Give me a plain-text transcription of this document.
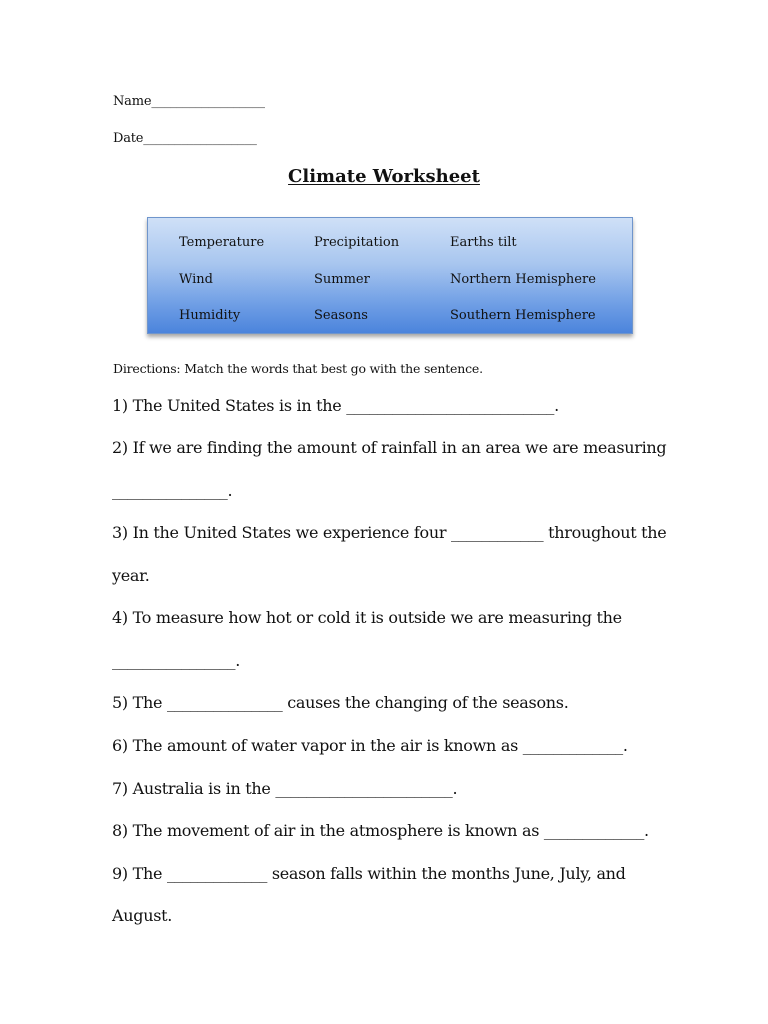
Name__________________
Date__________________
Climate Worksheet
Temperature	Precipitation	Earths tilt
Wind	Summer	Northern Hemisphere
Humidity	Seasons	Southern Hemisphere
Directions: Match the words that best go with the sentence.
1) The United States is in the ___________________________.
2) If we are finding the amount of rainfall in an area we are measuring
_______________.
3) In the United States we experience four ____________ throughout the
year.
4) To measure how hot or cold it is outside we are measuring the
________________.
5) The _______________ causes the changing of the seasons.
6) The amount of water vapor in the air is known as _____________.
7) Australia is in the _______________________.
8) The movement of air in the atmosphere is known as _____________.
9) The _____________ season falls within the months June, July, and
August.
